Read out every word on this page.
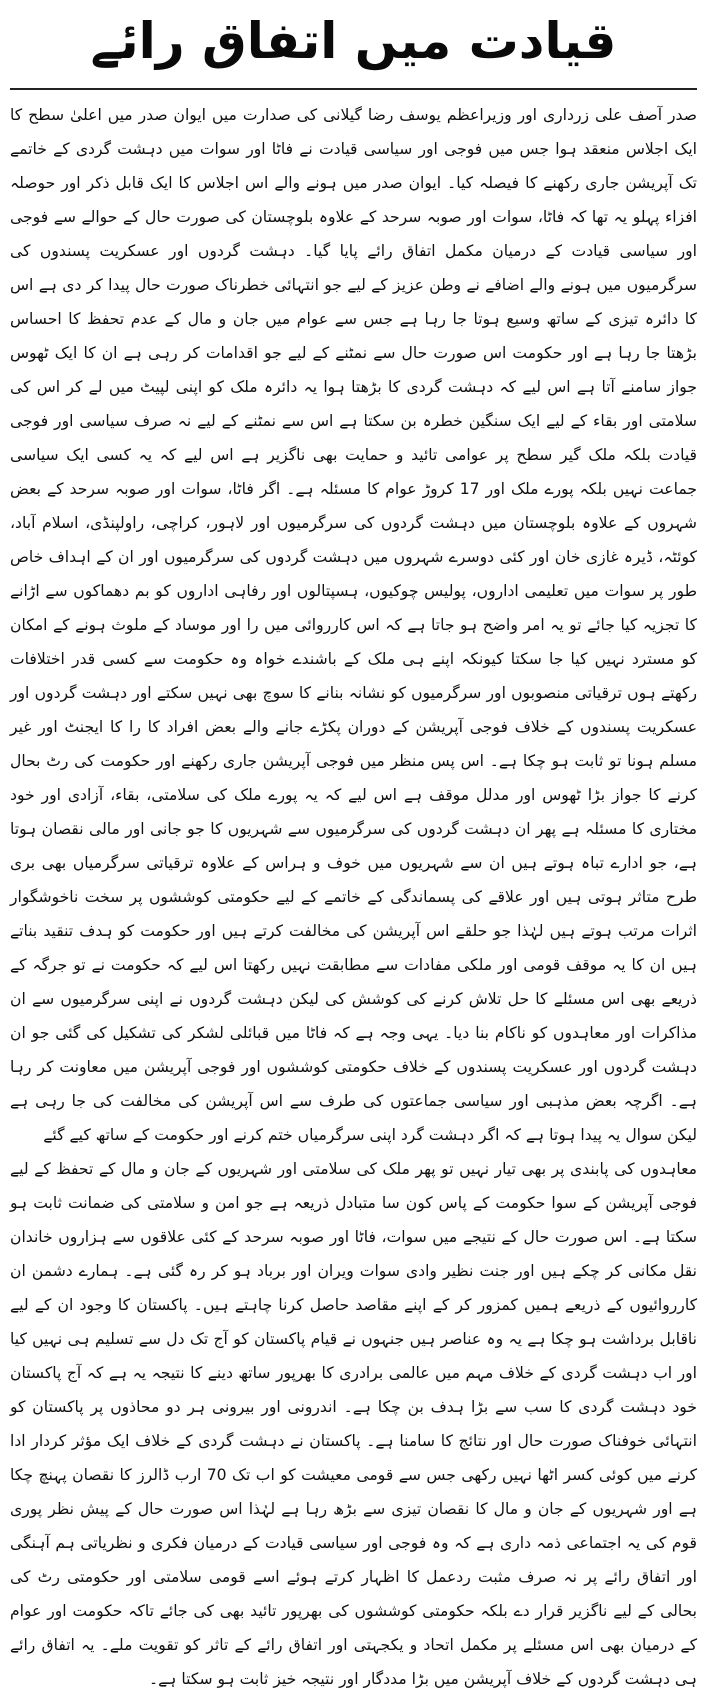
قیادت میں اتفاق رائے

صدر آصف علی زرداری اور وزیراعظم یوسف رضا گیلانی کی صدارت میں ایوان صدر میں اعلیٰ سطح کا ایک اجلاس منعقد ہوا جس میں فوجی اور سیاسی قیادت نے فاٹا اور سوات میں دہشت گردی کے خاتمے تک آپریشن جاری رکھنے کا فیصلہ کیا۔ ایوان صدر میں ہونے والے اس اجلاس کا ایک قابل ذکر اور حوصلہ افزاء پہلو یہ تھا کہ فاٹا، سوات اور صوبہ سرحد کے علاوہ بلوچستان کی صورت حال کے حوالے سے فوجی اور سیاسی قیادت کے درمیان مکمل اتفاق رائے پایا گیا۔ دہشت گردوں اور عسکریت پسندوں کی سرگرمیوں میں ہونے والے اضافے نے وطن عزیز کے لیے جو انتہائی خطرناک صورت حال پیدا کر دی ہے اس کا دائرہ تیزی کے ساتھ وسیع ہوتا جا رہا ہے جس سے عوام میں جان و مال کے عدم تحفظ کا احساس بڑھتا جا رہا ہے اور حکومت اس صورت حال سے نمٹنے کے لیے جو اقدامات کر رہی ہے ان کا ایک ٹھوس جواز سامنے آتا ہے اس لیے کہ دہشت گردی کا بڑھتا ہوا یہ دائرہ ملک کو اپنی لپیٹ میں لے کر اس کی سلامتی اور بقاء کے لیے ایک سنگین خطرہ بن سکتا ہے اس سے نمٹنے کے لیے نہ صرف سیاسی اور فوجی قیادت بلکہ ملک گیر سطح پر عوامی تائید و حمایت بھی ناگزیر ہے اس لیے کہ یہ کسی ایک سیاسی جماعت نہیں بلکہ پورے ملک اور 17 کروڑ عوام کا مسئلہ ہے۔ اگر فاٹا، سوات اور صوبہ سرحد کے بعض شہروں کے علاوہ بلوچستان میں دہشت گردوں کی سرگرمیوں اور لاہور، کراچی، راولپنڈی، اسلام آباد، کوئٹہ، ڈیرہ غازی خان اور کئی دوسرے شہروں میں دہشت گردوں کی سرگرمیوں اور ان کے اہداف خاص طور پر سوات میں تعلیمی اداروں، پولیس چوکیوں، ہسپتالوں اور رفاہی اداروں کو بم دھماکوں سے اڑانے کا تجزیہ کیا جائے تو یہ امر واضح ہو جاتا ہے کہ اس کارروائی میں را اور موساد کے ملوث ہونے کے امکان کو مسترد نہیں کیا جا سکتا کیونکہ اپنے ہی ملک کے باشندے خواہ وہ حکومت سے کسی قدر اختلافات رکھتے ہوں ترقیاتی منصوبوں اور سرگرمیوں کو نشانہ بنانے کا سوچ بھی نہیں سکتے اور دہشت گردوں اور عسکریت پسندوں کے خلاف فوجی آپریشن کے دوران پکڑے جانے والے بعض افراد کا را کا ایجنٹ اور غیر مسلم ہونا تو ثابت ہو چکا ہے۔ اس پس منظر میں فوجی آپریشن جاری رکھنے اور حکومت کی رٹ بحال کرنے کا جواز بڑا ٹھوس اور مدلل موقف ہے اس لیے کہ یہ پورے ملک کی سلامتی، بقاء، آزادی اور خود مختاری کا مسئلہ ہے پھر ان دہشت گردوں کی سرگرمیوں سے شہریوں کا جو جانی اور مالی نقصان ہوتا ہے، جو ادارے تباہ ہوتے ہیں ان سے شہریوں میں خوف و ہراس کے علاوہ ترقیاتی سرگرمیاں بھی بری طرح متاثر ہوتی ہیں اور علاقے کی پسماندگی کے خاتمے کے لیے حکومتی کوششوں پر سخت ناخوشگوار اثرات مرتب ہوتے ہیں لہٰذا جو حلقے اس آپریشن کی مخالفت کرتے ہیں اور حکومت کو ہدف تنقید بناتے ہیں ان کا یہ موقف قومی اور ملکی مفادات سے مطابقت نہیں رکھتا اس لیے کہ حکومت نے تو جرگہ کے ذریعے بھی اس مسئلے کا حل تلاش کرنے کی کوشش کی لیکن دہشت گردوں نے اپنی سرگرمیوں سے ان مذاکرات اور معاہدوں کو ناکام بنا دیا۔ یہی وجہ ہے کہ فاٹا میں قبائلی لشکر کی تشکیل کی گئی جو ان دہشت گردوں اور عسکریت پسندوں کے خلاف حکومتی کوششوں اور فوجی آپریشن میں معاونت کر رہا ہے۔ اگرچہ بعض مذہبی اور سیاسی جماعتوں کی طرف سے اس آپریشن کی مخالفت کی جا رہی ہے لیکن سوال یہ پیدا ہوتا ہے کہ اگر دہشت گرد اپنی سرگرمیاں ختم کرنے اور حکومت کے ساتھ کیے گئے

معاہدوں کی پابندی پر بھی تیار نہیں تو پھر ملک کی سلامتی اور شہریوں کے جان و مال کے تحفظ کے لیے فوجی آپریشن کے سوا حکومت کے پاس کون سا متبادل ذریعہ ہے جو امن و سلامتی کی ضمانت ثابت ہو سکتا ہے۔ اس صورت حال کے نتیجے میں سوات، فاٹا اور صوبہ سرحد کے کئی علاقوں سے ہزاروں خاندان نقل مکانی کر چکے ہیں اور جنت نظیر وادی سوات ویران اور برباد ہو کر رہ گئی ہے۔ ہمارے دشمن ان کارروائیوں کے ذریعے ہمیں کمزور کر کے اپنے مقاصد حاصل کرنا چاہتے ہیں۔ پاکستان کا وجود ان کے لیے ناقابل برداشت ہو چکا ہے یہ وہ عناصر ہیں جنہوں نے قیام پاکستان کو آج تک دل سے تسلیم ہی نہیں کیا اور اب دہشت گردی کے خلاف مہم میں عالمی برادری کا بھرپور ساتھ دینے کا نتیجہ یہ ہے کہ آج پاکستان خود دہشت گردی کا سب سے بڑا ہدف بن چکا ہے۔ اندرونی اور بیرونی ہر دو محاذوں پر پاکستان کو انتہائی خوفناک صورت حال اور نتائج کا سامنا ہے۔ پاکستان نے دہشت گردی کے خلاف ایک مؤثر کردار ادا کرنے میں کوئی کسر اٹھا نہیں رکھی جس سے قومی معیشت کو اب تک 70 ارب ڈالرز کا نقصان پہنچ چکا ہے اور شہریوں کے جان و مال کا نقصان تیزی سے بڑھ رہا ہے لہٰذا اس صورت حال کے پیش نظر پوری قوم کی یہ اجتماعی ذمہ داری ہے کہ وہ فوجی اور سیاسی قیادت کے درمیان فکری و نظریاتی ہم آہنگی اور اتفاق رائے پر نہ صرف مثبت ردعمل کا اظہار کرتے ہوئے اسے قومی سلامتی اور حکومتی رٹ کی بحالی کے لیے ناگزیر قرار دے بلکہ حکومتی کوششوں کی بھرپور تائید بھی کی جائے تاکہ حکومت اور عوام کے درمیان بھی اس مسئلے پر مکمل اتحاد و یکجہتی اور اتفاق رائے کے تاثر کو تقویت ملے۔ یہ اتفاق رائے ہی دہشت گردوں کے خلاف آپریشن میں بڑا مددگار اور نتیجہ خیز ثابت ہو سکتا ہے۔
